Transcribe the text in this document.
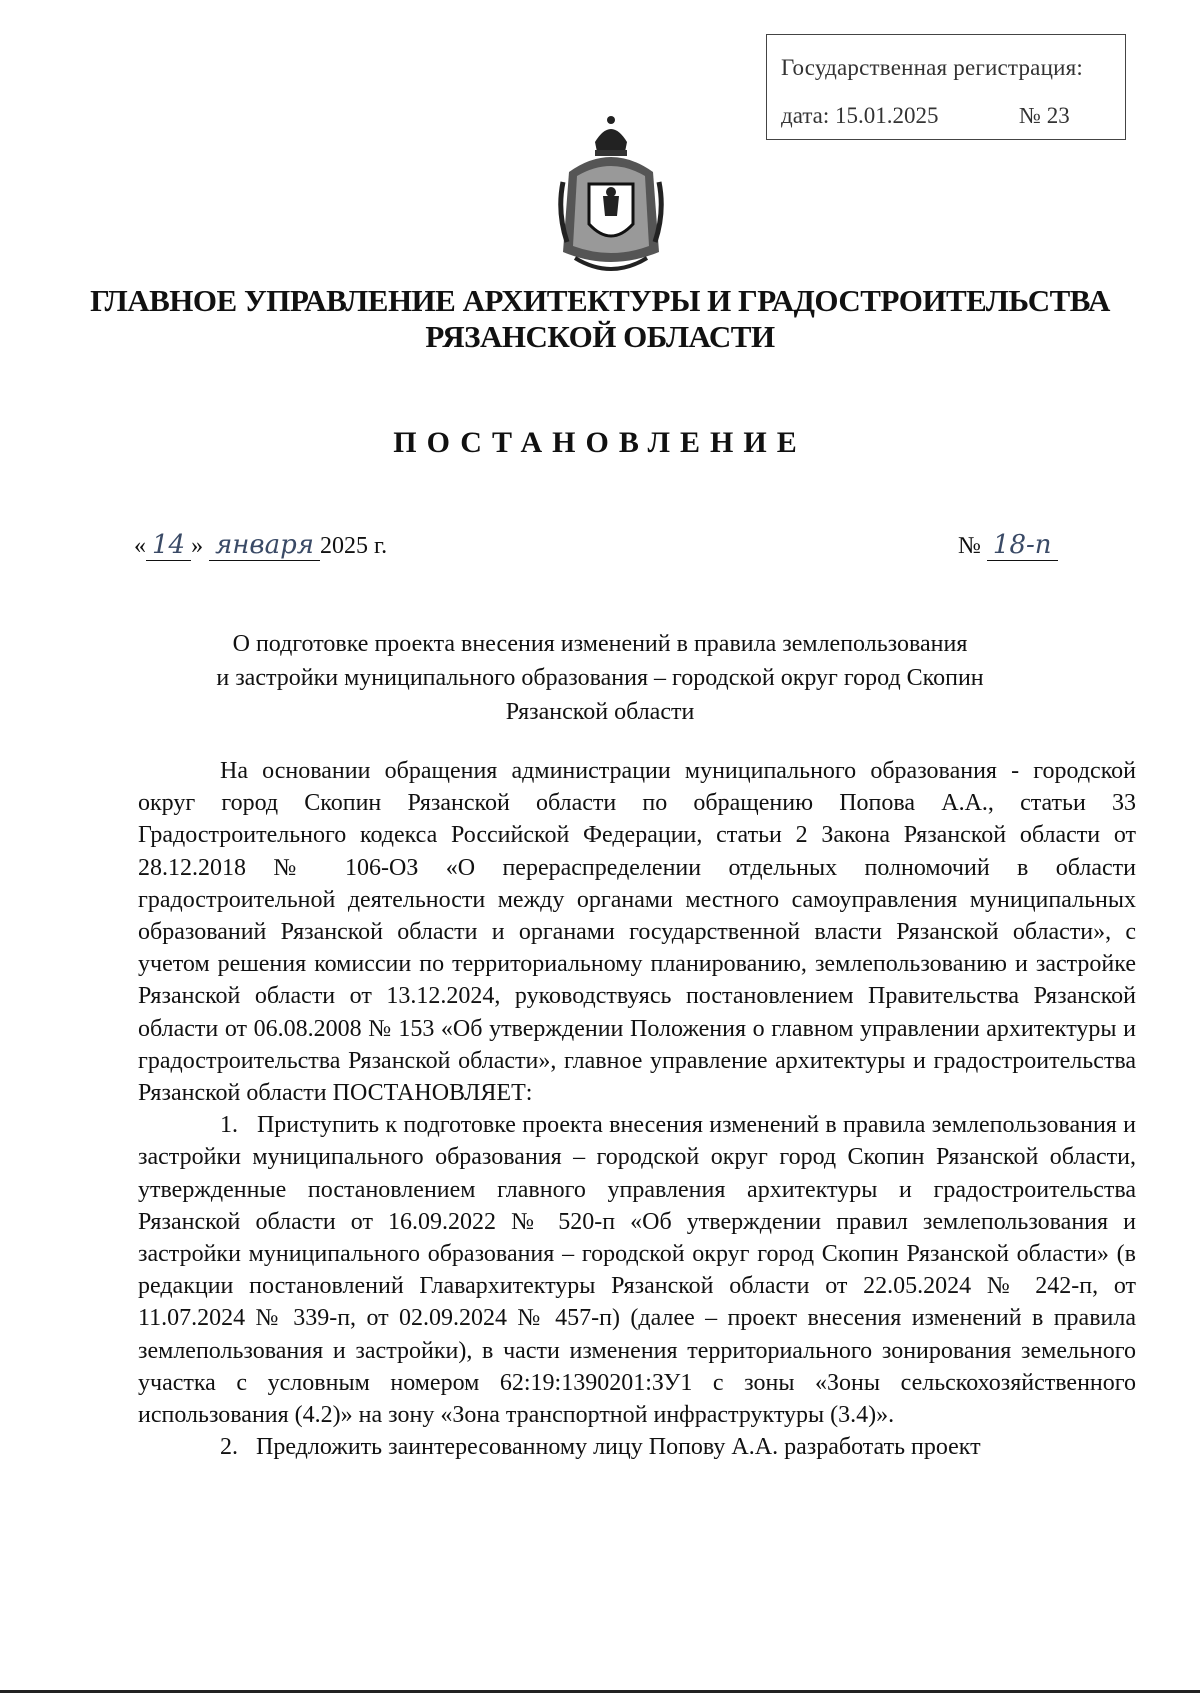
Государственная регистрация:
дата: 15.01.2025	№ 23
ГЛАВНОЕ УПРАВЛЕНИЕ АРХИТЕКТУРЫ И ГРАДОСТРОИТЕЛЬСТВА
РЯЗАНСКОЙ ОБЛАСТИ
ПОСТАНОВЛЕНИЕ
« 14 » января 2025 г.	№ 18-п
О подготовке проекта внесения изменений в правила землепользования
и застройки муниципального образования – городской округ город Скопин
Рязанской области

На основании обращения администрации муниципального образования - городской округ город Скопин Рязанской области по обращению Попова А.А., статьи 33 Градостроительного кодекса Российской Федерации, статьи 2 Закона Рязанской области от 28.12.2018 № 106-ОЗ «О перераспределении отдельных полномочий в области градостроительной деятельности между органами местного самоуправления муниципальных образований Рязанской области и органами государственной власти Рязанской области», с учетом решения комиссии по территориальному планированию, землепользованию и застройке Рязанской области от 13.12.2024, руководствуясь постановлением Правительства Рязанской области от 06.08.2008 № 153 «Об утверждении Положения о главном управлении архитектуры и градостроительства Рязанской области», главное управление архитектуры и градостроительства Рязанской области ПОСТАНОВЛЯЕТ:

1.   Приступить к подготовке проекта внесения изменений в правила землепользования и застройки муниципального образования – городской округ город Скопин Рязанской области, утвержденные постановлением главного управления архитектуры и градостроительства Рязанской области от 16.09.2022 № 520-п «Об утверждении правил землепользования и застройки муниципального образования – городской округ город Скопин Рязанской области» (в редакции постановлений Главархитектуры Рязанской области от 22.05.2024 № 242-п, от 11.07.2024 № 339-п, от 02.09.2024 № 457-п) (далее – проект внесения изменений в правила землепользования и застройки), в части изменения территориального зонирования земельного участка с условным номером 62:19:1390201:ЗУ1 с зоны «Зоны сельскохозяйственного использования (4.2)» на зону «Зона транспортной инфраструктуры (3.4)».

2.   Предложить заинтересованному лицу Попову А.А. разработать проект
